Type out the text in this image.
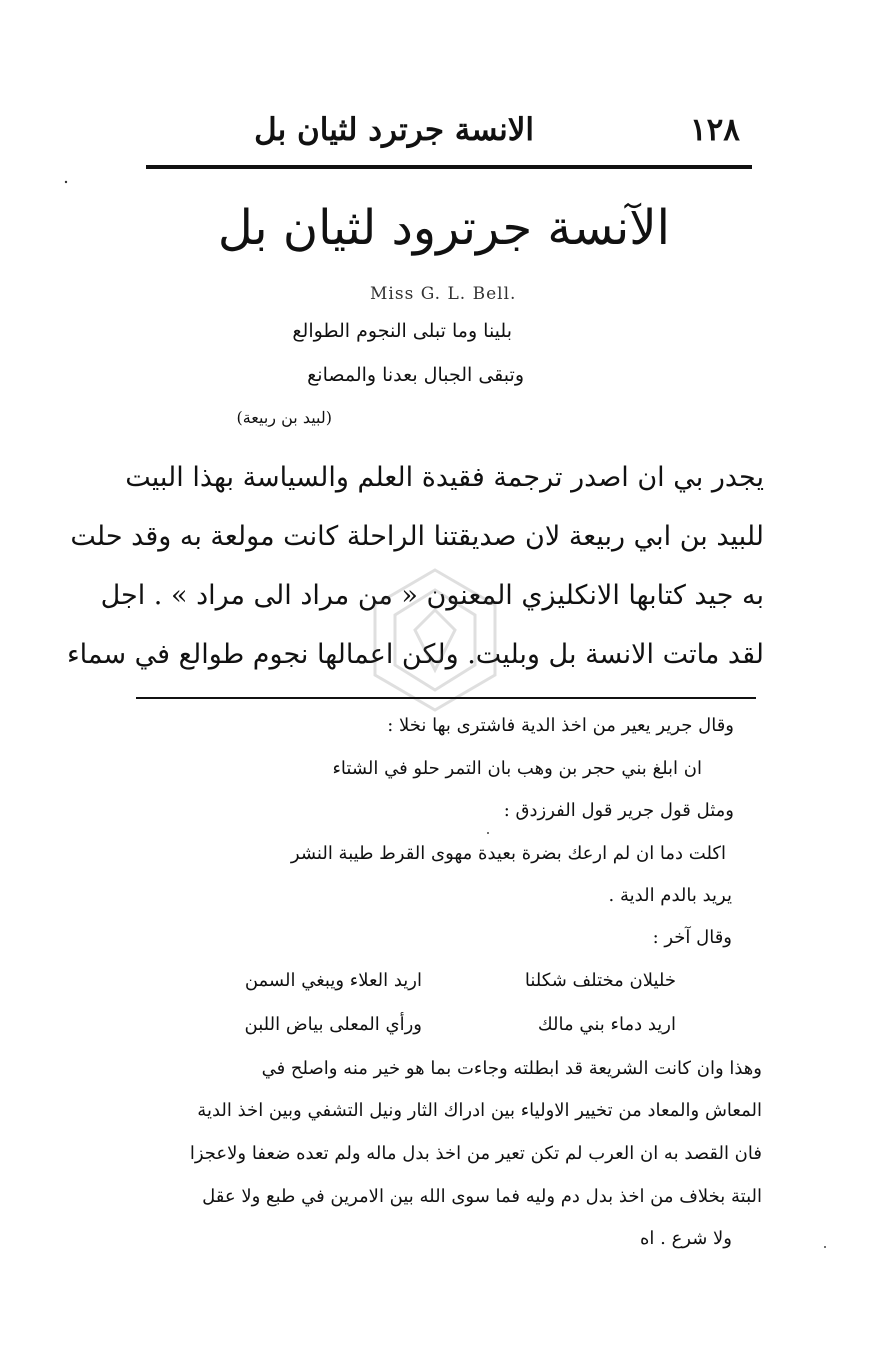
الانسة جرترد لثيان بل	١٢٨
الآنسة جرترود لثيان بل
Miss G. L. Bell.
بلينا وما تبلى النجوم الطوالع
وتبقى الجبال بعدنا والمصانع
(لبيد بن ربيعة)
يجدر بي ان اصدر ترجمة فقيدة العلم والسياسة بهذا البيت
للبيد بن ابي ربيعة لان صديقتنا الراحلة كانت مولعة به وقد حلت
به جيد كتابها الانكليزي المعنون « من مراد الى مراد » . اجل
لقد ماتت الانسة بل وبليت. ولكن اعمالها نجوم طوالع في سماء
وقال جرير يعير من اخذ الدية فاشترى بها نخلا :
ان ابلغ بني حجر بن وهب بان التمر حلو في الشتاء
ومثل قول جرير قول الفرزدق :
اكلت دما ان لم ارعك بضرة بعيدة مهوى القرط طيبة النشر
يريد بالدم الدية .
وقال آخر :
خليلان مختلف شكلنا
اريد العلاء ويبغي السمن
اريد دماء بني مالك
ورأي المعلى بياض اللبن
وهذا وان كانت الشريعة قد ابطلته وجاءت بما هو خير منه واصلح في
المعاش والمعاد من تخيير الاولياء بين ادراك الثار ونيل التشفي وبين اخذ الدية
فان القصد به ان العرب لم تكن تعير من اخذ بدل ماله ولم تعده ضعفا ولاعجزا
البتة بخلاف من اخذ بدل دم وليه فما سوى الله بين الامرين في طبع ولا عقل
ولا شرع . اه
